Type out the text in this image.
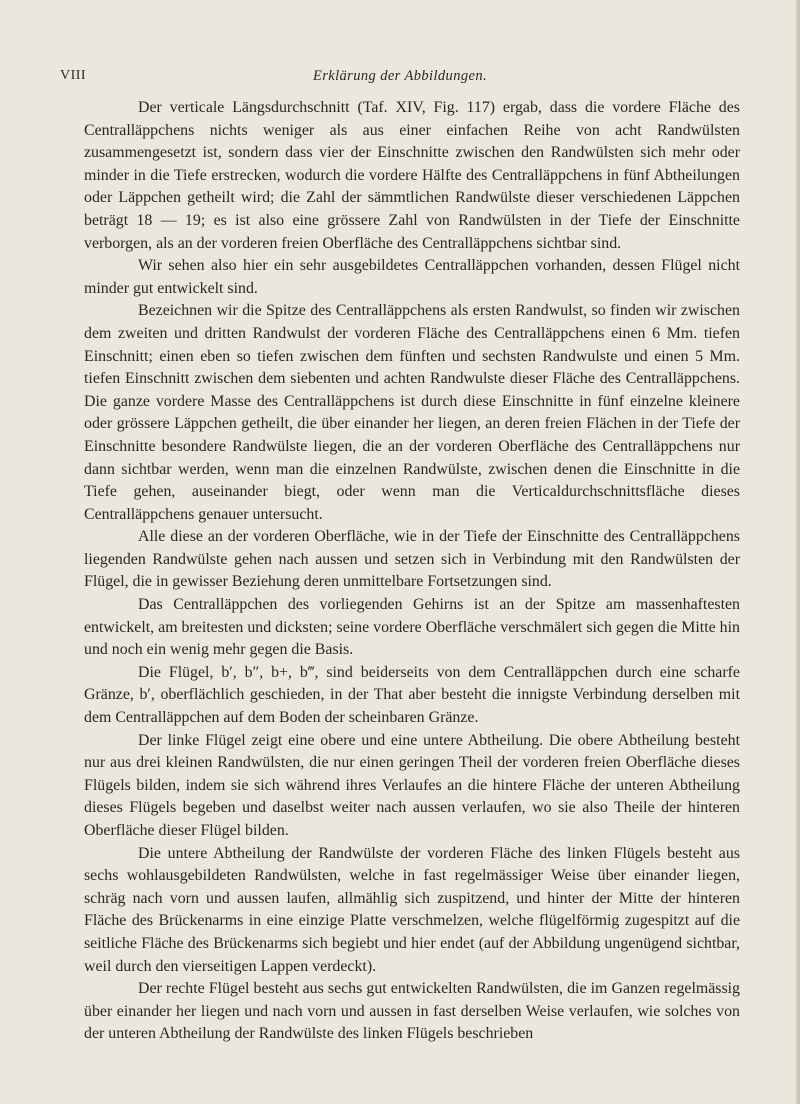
VIII	Erklärung der Abbildungen.

Der verticale Längsdurchschnitt (Taf. XIV, Fig. 117) ergab, dass die vordere Fläche des Centralläppchens nichts weniger als aus einer einfachen Reihe von acht Randwülsten zusammengesetzt ist, sondern dass vier der Einschnitte zwischen den Randwülsten sich mehr oder minder in die Tiefe erstrecken, wodurch die vordere Hälfte des Centralläppchens in fünf Abtheilungen oder Läppchen getheilt wird; die Zahl der sämmtlichen Randwülste dieser verschiedenen Läppchen beträgt 18 — 19; es ist also eine grössere Zahl von Randwülsten in der Tiefe der Einschnitte verborgen, als an der vorderen freien Oberfläche des Centralläppchens sichtbar sind.

Wir sehen also hier ein sehr ausgebildetes Centralläppchen vorhanden, dessen Flügel nicht minder gut entwickelt sind.

Bezeichnen wir die Spitze des Centralläppchens als ersten Randwulst, so finden wir zwischen dem zweiten und dritten Randwulst der vorderen Fläche des Centralläppchens einen 6 Mm. tiefen Einschnitt; einen eben so tiefen zwischen dem fünften und sechsten Randwulste und einen 5 Mm. tiefen Einschnitt zwischen dem siebenten und achten Randwulste dieser Fläche des Centralläppchens. Die ganze vordere Masse des Centralläppchens ist durch diese Einschnitte in fünf einzelne kleinere oder grössere Läppchen getheilt, die über einander her liegen, an deren freien Flächen in der Tiefe der Einschnitte besondere Randwülste liegen, die an der vorderen Oberfläche des Centralläppchens nur dann sichtbar werden, wenn man die einzelnen Randwülste, zwischen denen die Einschnitte in die Tiefe gehen, auseinander biegt, oder wenn man die Verticaldurchschnittsfläche dieses Centralläppchens genauer untersucht.

Alle diese an der vorderen Oberfläche, wie in der Tiefe der Einschnitte des Centralläppchens liegenden Randwülste gehen nach aussen und setzen sich in Verbindung mit den Randwülsten der Flügel, die in gewisser Beziehung deren unmittelbare Fortsetzungen sind.

Das Centralläppchen des vorliegenden Gehirns ist an der Spitze am massenhaftesten entwickelt, am breitesten und dicksten; seine vordere Oberfläche verschmälert sich gegen die Mitte hin und noch ein wenig mehr gegen die Basis.

Die Flügel, b′, b″, b+, b‴, sind beiderseits von dem Centralläppchen durch eine scharfe Gränze, b′, oberflächlich geschieden, in der That aber besteht die innigste Verbindung derselben mit dem Centralläppchen auf dem Boden der scheinbaren Gränze.

Der linke Flügel zeigt eine obere und eine untere Abtheilung. Die obere Abtheilung besteht nur aus drei kleinen Randwülsten, die nur einen geringen Theil der vorderen freien Oberfläche dieses Flügels bilden, indem sie sich während ihres Verlaufes an die hintere Fläche der unteren Abtheilung dieses Flügels begeben und daselbst weiter nach aussen verlaufen, wo sie also Theile der hinteren Oberfläche dieser Flügel bilden.

Die untere Abtheilung der Randwülste der vorderen Fläche des linken Flügels besteht aus sechs wohlausgebildeten Randwülsten, welche in fast regelmässiger Weise über einander liegen, schräg nach vorn und aussen laufen, allmählig sich zuspitzend, und hinter der Mitte der hinteren Fläche des Brückenarms in eine einzige Platte verschmelzen, welche flügelförmig zugespitzt auf die seitliche Fläche des Brückenarms sich begiebt und hier endet (auf der Abbildung ungenügend sichtbar, weil durch den vierseitigen Lappen verdeckt).

Der rechte Flügel besteht aus sechs gut entwickelten Randwülsten, die im Ganzen regelmässig über einander her liegen und nach vorn und aussen in fast derselben Weise verlaufen, wie solches von der unteren Abtheilung der Randwülste des linken Flügels beschrieben
